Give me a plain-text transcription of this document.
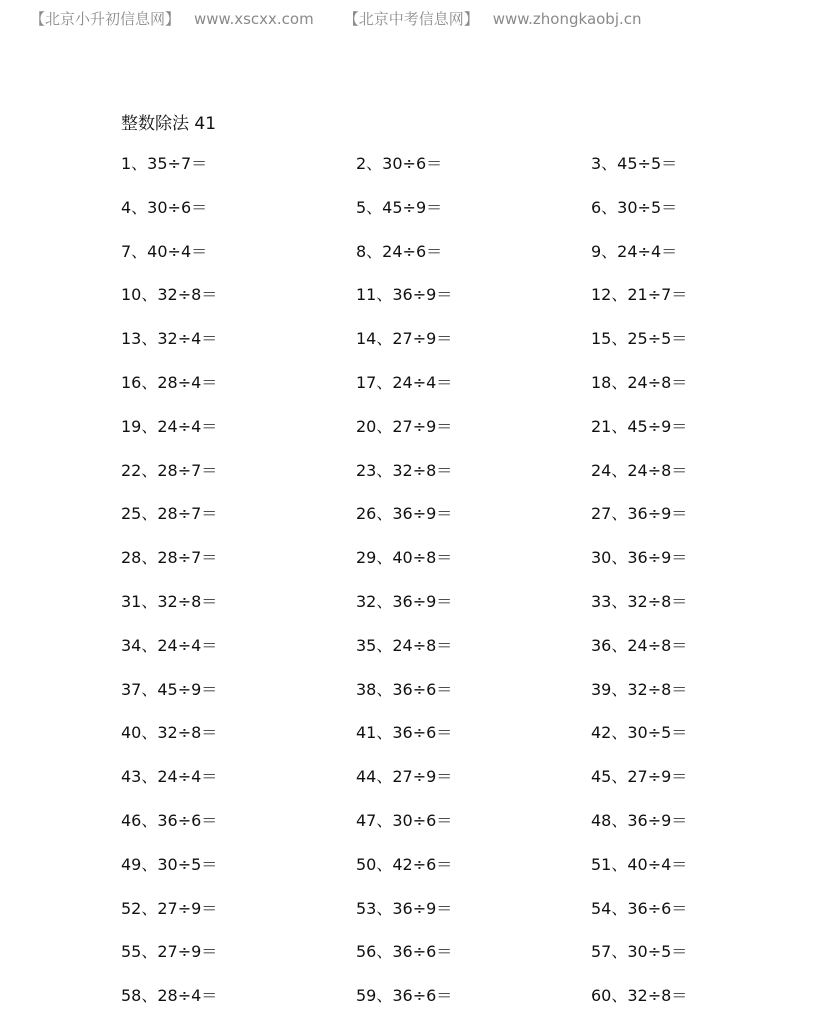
【北京小升初信息网】 www.xscxx.com 【北京中考信息网】 www.zhongkaobj.cn
整数除法 41
1、35÷7＝	2、30÷6＝	3、45÷5＝
4、30÷6＝	5、45÷9＝	6、30÷5＝
7、40÷4＝	8、24÷6＝	9、24÷4＝
10、32÷8＝	11、36÷9＝	12、21÷7＝
13、32÷4＝	14、27÷9＝	15、25÷5＝
16、28÷4＝	17、24÷4＝	18、24÷8＝
19、24÷4＝	20、27÷9＝	21、45÷9＝
22、28÷7＝	23、32÷8＝	24、24÷8＝
25、28÷7＝	26、36÷9＝	27、36÷9＝
28、28÷7＝	29、40÷8＝	30、36÷9＝
31、32÷8＝	32、36÷9＝	33、32÷8＝
34、24÷4＝	35、24÷8＝	36、24÷8＝
37、45÷9＝	38、36÷6＝	39、32÷8＝
40、32÷8＝	41、36÷6＝	42、30÷5＝
43、24÷4＝	44、27÷9＝	45、27÷9＝
46、36÷6＝	47、30÷6＝	48、36÷9＝
49、30÷5＝	50、42÷6＝	51、40÷4＝
52、27÷9＝	53、36÷9＝	54、36÷6＝
55、27÷9＝	56、36÷6＝	57、30÷5＝
58、28÷4＝	59、36÷6＝	60、32÷8＝
